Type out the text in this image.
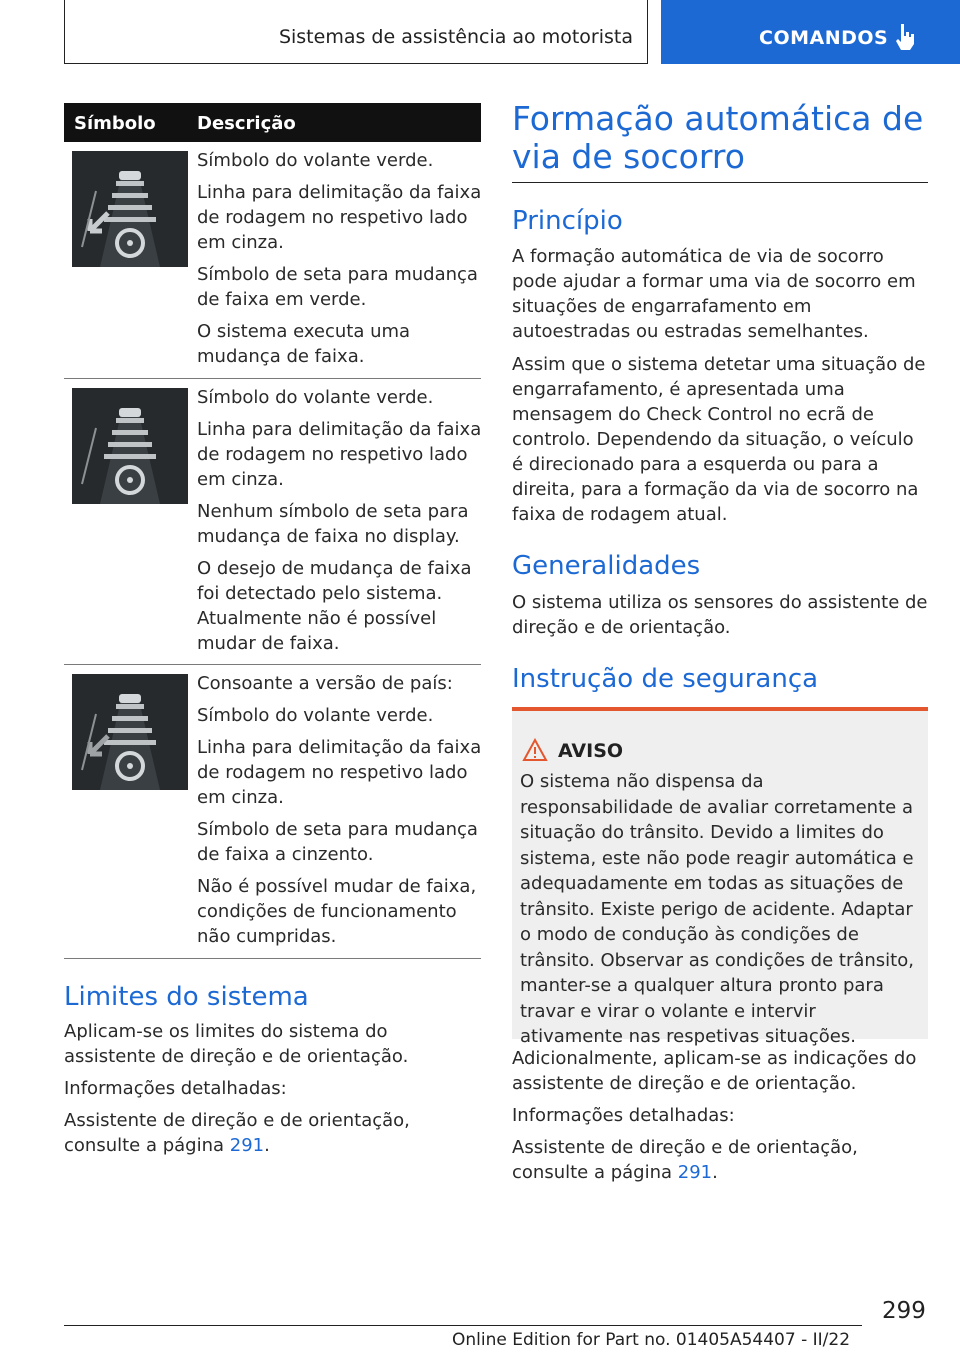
Sistemas de assistência ao motorista	COMANDOS
Símbolo Descrição

Símbolo do volante verde.

Linha para delimitação da faixa de rodagem no respetivo lado em cinza.

Símbolo de seta para mudança de faixa em verde.

O sistema executa uma mudança de faixa.

Símbolo do volante verde.

Linha para delimitação da faixa de rodagem no respetivo lado em cinza.

Nenhum símbolo de seta para mudança de faixa no display.

O desejo de mudança de faixa foi detectado pelo sistema. Atualmente não é possível mudar de faixa.

Consoante a versão de país:

Símbolo do volante verde.

Linha para delimitação da faixa de rodagem no respetivo lado em cinza.

Símbolo de seta para mudança de faixa a cinzento.

Não é possível mudar de faixa, condições de funcionamento não cumpridas.

Limites do sistema

Aplicam-se os limites do sistema do assistente de direção e de orientação.

Informações detalhadas:

Assistente de direção e de orientação, consulte a página 291.

Formação automática de via de socorro
Princípio

A formação automática de via de socorro pode ajudar a formar uma via de socorro em situações de engarrafamento em autoestradas ou estradas semelhantes.

Assim que o sistema detetar uma situação de engarrafamento, é apresentada uma mensagem do Check Control no ecrã de controlo. Dependendo da situação, o veículo é direcionado para a esquerda ou para a direita, para a formação da via de socorro na faixa de rodagem atual.

Generalidades

O sistema utiliza os sensores do assistente de direção e de orientação.

Instrução de segurança
AVISO
O sistema não dispensa da responsabilidade de avaliar corretamente a situação do trânsito. Devido a limites do sistema, este não pode reagir automática e adequadamente em todas as situações de trânsito. Existe perigo de acidente. Adaptar o modo de condução às condições de trânsito. Observar as condições de trânsito, manter-se a qualquer altura pronto para travar e virar o volante e intervir ativamente nas respetivas situações.

Adicionalmente, aplicam-se as indicações do assistente de direção e de orientação.

Informações detalhadas:

Assistente de direção e de orientação, consulte a página 291.

299
Online Edition for Part no. 01405A54407 - II/22
